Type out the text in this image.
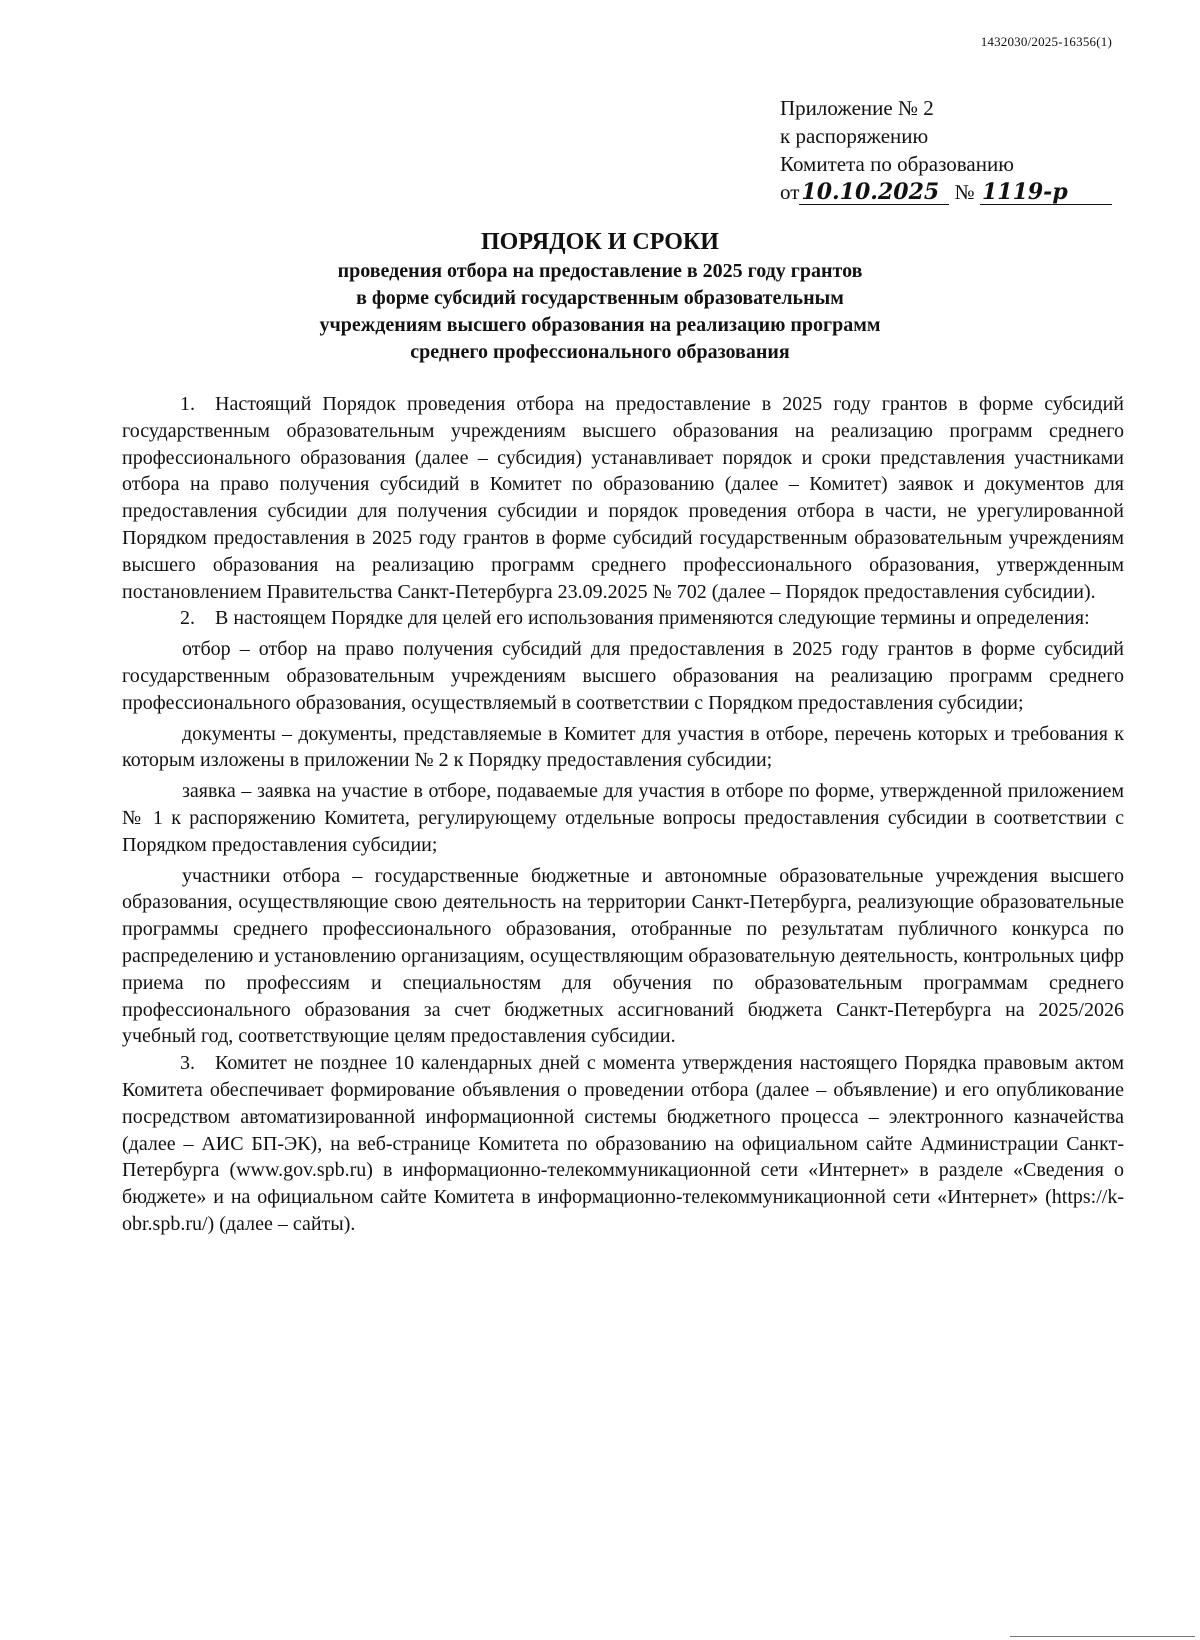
1432030/2025-16356(1)
Приложение № 2
к распоряжению
Комитета по образованию
от10.10.2025 № 1119-р
ПОРЯДОК И СРОКИ
проведения отбора на предоставление в 2025 году грантов
в форме субсидий государственным образовательным
учреждениям высшего образования на реализацию программ
среднего профессионального образования

1. Настоящий Порядок проведения отбора на предоставление в 2025 году грантов в форме субсидий государственным образовательным учреждениям высшего образования на реализацию программ среднего профессионального образования (далее – субсидия) устанавливает порядок и сроки представления участниками отбора на право получения субсидий в Комитет по образованию (далее – Комитет) заявок и документов для предоставления субсидии для получения субсидии и порядок проведения отбора в части, не урегулированной Порядком предоставления в 2025 году грантов в форме субсидий государственным образовательным учреждениям высшего образования на реализацию программ среднего профессионального образования, утвержденным постановлением Правительства Санкт-Петербурга 23.09.2025 № 702 (далее – Порядок предоставления субсидии).

2. В настоящем Порядке для целей его использования применяются следующие термины и определения:

отбор – отбор на право получения субсидий для предоставления в 2025 году грантов в форме субсидий государственным образовательным учреждениям высшего образования на реализацию программ среднего профессионального образования, осуществляемый в соответствии с Порядком предоставления субсидии;

документы – документы, представляемые в Комитет для участия в отборе, перечень которых и требования к которым изложены в приложении № 2 к Порядку предоставления субсидии;

заявка – заявка на участие в отборе, подаваемые для участия в отборе по форме, утвержденной приложением № 1 к распоряжению Комитета, регулирующему отдельные вопросы предоставления субсидии в соответствии с Порядком предоставления субсидии;

участники отбора – государственные бюджетные и автономные образовательные учреждения высшего образования, осуществляющие свою деятельность на территории Санкт-Петербурга, реализующие образовательные программы среднего профессионального образования, отобранные по результатам публичного конкурса по распределению и установлению организациям, осуществляющим образовательную деятельность, контрольных цифр приема по профессиям и специальностям для обучения по образовательным программам среднего профессионального образования за счет бюджетных ассигнований бюджета Санкт-Петербурга на 2025/2026 учебный год, соответствующие целям предоставления субсидии.

3. Комитет не позднее 10 календарных дней с момента утверждения настоящего Порядка правовым актом Комитета обеспечивает формирование объявления о проведении отбора (далее – объявление) и его опубликование посредством автоматизированной информационной системы бюджетного процесса – электронного казначейства (далее – АИС БП-ЭК), на веб-странице Комитета по образованию на официальном сайте Администрации Санкт-Петербурга (www.gov.spb.ru) в информационно-телекоммуникационной сети «Интернет» в разделе «Сведения о бюджете» и на официальном сайте Комитета в информационно-телекоммуникационной сети «Интернет» (https://k-obr.spb.ru/) (далее – сайты).
